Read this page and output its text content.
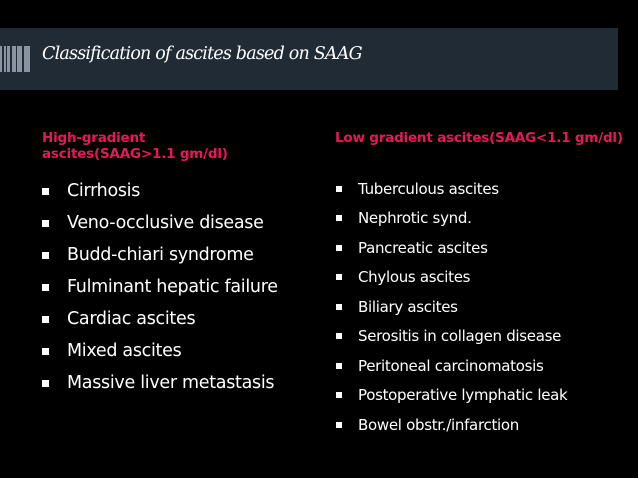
Classification of ascites based on SAAG
High-gradient ascites(SAAG>1.1 gm/dl)
Low gradient ascites(SAAG<1.1 gm/dl)
Cirrhosis
Veno-occlusive disease
Budd-chiari syndrome
Fulminant hepatic failure
Cardiac ascites
Mixed ascites
Massive liver metastasis
Tuberculous ascites
Nephrotic synd.
Pancreatic ascites
Chylous ascites
Biliary ascites
Serositis in collagen disease
Peritoneal carcinomatosis
Postoperative lymphatic leak
Bowel obstr./infarction
